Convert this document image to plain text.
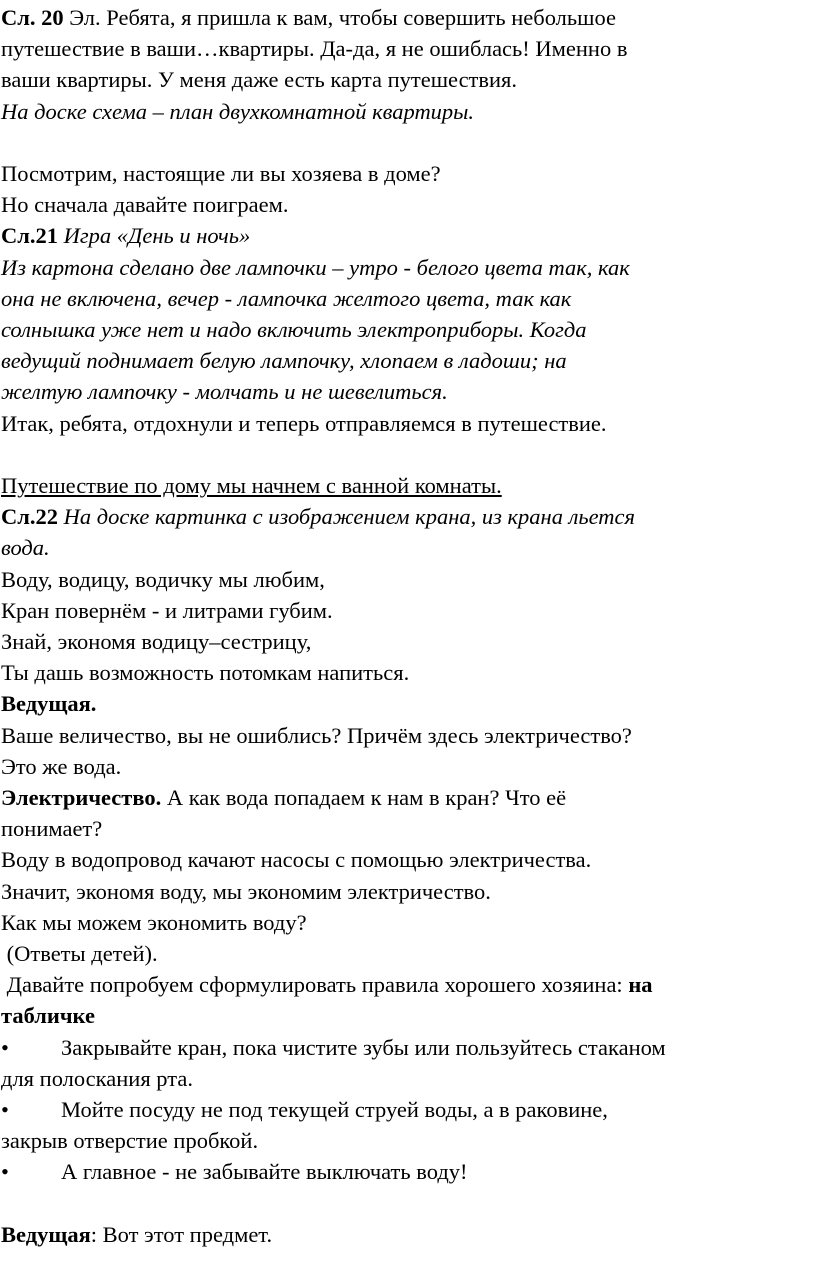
Сл. 20 Эл. Ребята, я пришла к вам, чтобы совершить небольшое

путешествие в ваши…квартиры. Да-да, я не ошиблась! Именно в

ваши квартиры. У меня даже есть карта путешествия.

На доске схема – план двухкомнатной квартиры.

Посмотрим, настоящие ли вы хозяева в доме?

Но сначала давайте поиграем.

Сл.21 Игра «День и ночь»

Из картона сделано две лампочки – утро - белого цвета так, как

она не включена, вечер - лампочка желтого цвета, так как

солнышка уже нет и надо включить электроприборы. Когда

ведущий поднимает белую лампочку, хлопаем в ладоши; на

желтую лампочку - молчать и не шевелиться.

Итак, ребята, отдохнули и теперь отправляемся в путешествие.

Путешествие по дому мы начнем с ванной комнаты.

Сл.22 На доске картинка с изображением крана, из крана льется

вода.

Воду, водицу, водичку мы любим,

Кран повернём - и литрами губим.

Знай, экономя водицу–сестрицу,

Ты дашь возможность потомкам напиться.

Ведущая.

Ваше величество, вы не ошиблись? Причём здесь электричество?

Это же вода.

Электричество. А как вода попадаем к нам в кран? Что её

понимает?

Воду в водопровод качают насосы с помощью электричества.

Значит, экономя воду, мы экономим электричество.

Как мы можем экономить воду?

(Ответы детей).

Давайте попробуем сформулировать правила хорошего хозяина: на

табличке

• Закрывайте кран, пока чистите зубы или пользуйтесь стаканом

для полоскания рта.

• Мойте посуду не под текущей струей воды, а в раковине,

закрыв отверстие пробкой.

• А главное - не забывайте выключать воду!

Ведущая: Вот этот предмет.
